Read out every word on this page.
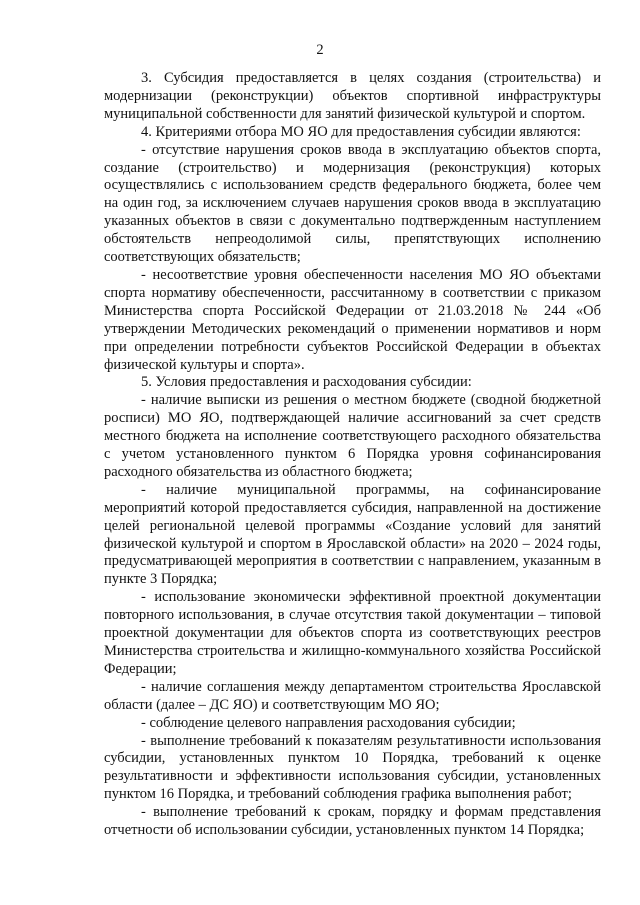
2

3. Субсидия предоставляется в целях создания (строительства) и модернизации (реконструкции) объектов спортивной инфраструктуры муниципальной собственности для занятий физической культурой и спортом.

4. Критериями отбора МО ЯО для предоставления субсидии являются:

- отсутствие нарушения сроков ввода в эксплуатацию объектов спорта, создание (строительство) и модернизация (реконструкция) которых осуществлялись с использованием средств федерального бюджета, более чем на один год, за исключением случаев нарушения сроков ввода в эксплуатацию указанных объектов в связи с документально подтвержденным наступлением обстоятельств непреодолимой силы, препятствующих исполнению соответствующих обязательств;

- несоответствие уровня обеспеченности населения МО ЯО объектами спорта нормативу обеспеченности, рассчитанному в соответствии с приказом Министерства спорта Российской Федерации от 21.03.2018 № 244 «Об утверждении Методических рекомендаций о применении нормативов и норм при определении потребности субъектов Российской Федерации в объектах физической культуры и спорта».

5. Условия предоставления и расходования субсидии:

- наличие выписки из решения о местном бюджете (сводной бюджетной росписи) МО ЯО, подтверждающей наличие ассигнований за счет средств местного бюджета на исполнение соответствующего расходного обязательства с учетом установленного пунктом 6 Порядка уровня софинансирования расходного обязательства из областного бюджета;

- наличие муниципальной программы, на софинансирование мероприятий которой предоставляется субсидия, направленной на достижение целей региональной целевой программы «Создание условий для занятий физической культурой и спортом в Ярославской области» на 2020 – 2024 годы, предусматривающей мероприятия в соответствии с направлением, указанным в пункте 3 Порядка;

- использование экономически эффективной проектной документации повторного использования, в случае отсутствия такой документации – типовой проектной документации для объектов спорта из соответствующих реестров Министерства строительства и жилищно-коммунального хозяйства Российской Федерации;

- наличие соглашения между департаментом строительства Ярославской области (далее – ДС ЯО) и соответствующим МО ЯО;

- соблюдение целевого направления расходования субсидии;

- выполнение требований к показателям результативности использования субсидии, установленных пунктом 10 Порядка, требований к оценке результативности и эффективности использования субсидии, установленных пунктом 16 Порядка, и требований соблюдения графика выполнения работ;

- выполнение требований к срокам, порядку и формам представления отчетности об использовании субсидии, установленных пунктом 14 Порядка;
